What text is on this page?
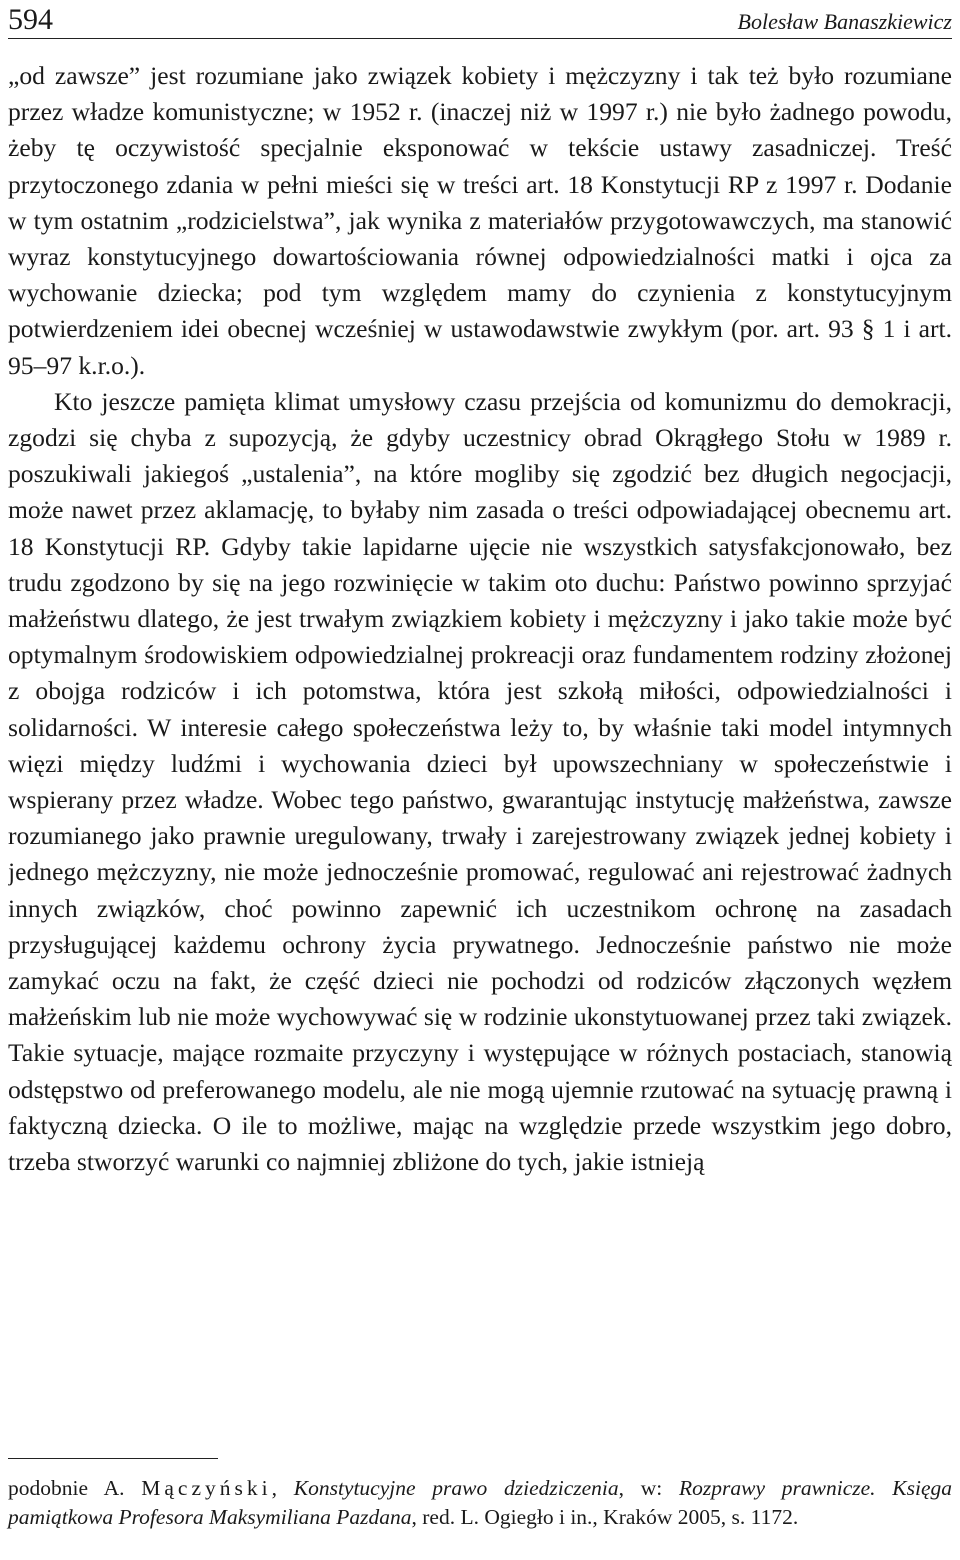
594	Bolesław Banaszkiewicz

„od zawsze” jest rozumiane jako związek kobiety i mężczyzny i tak też było rozumiane przez władze komunistyczne; w 1952 r. (inaczej niż w 1997 r.) nie było żadnego powodu, żeby tę oczywistość specjalnie eksponować w tekście ustawy zasadniczej. Treść przytoczonego zdania w pełni mieści się w treści art. 18 Konstytucji RP z 1997 r. Dodanie w tym ostatnim „rodzicielstwa”, jak wynika z materiałów przygotowawczych, ma stanowić wyraz konstytucyjnego dowartościowania równej odpowiedzialności matki i ojca za wychowanie dziecka; pod tym względem mamy do czynienia z konstytucyjnym potwierdzeniem idei obecnej wcześniej w ustawodawstwie zwykłym (por. art. 93 § 1 i art. 95–97 k.r.o.).

Kto jeszcze pamięta klimat umysłowy czasu przejścia od komunizmu do demokracji, zgodzi się chyba z supozycją, że gdyby uczestnicy obrad Okrągłego Stołu w 1989 r. poszukiwali jakiegoś „ustalenia”, na które mogliby się zgodzić bez długich negocjacji, może nawet przez aklamację, to byłaby nim zasada o treści odpowiadającej obecnemu art. 18 Konstytucji RP. Gdyby takie lapidarne ujęcie nie wszystkich satysfakcjonowało, bez trudu zgodzono by się na jego rozwinięcie w takim oto duchu: Państwo powinno sprzyjać małżeństwu dlatego, że jest trwałym związkiem kobiety i mężczyzny i jako takie może być optymalnym środowiskiem odpowiedzialnej prokreacji oraz fundamentem rodziny złożonej z obojga rodziców i ich potomstwa, która jest szkołą miłości, odpowiedzialności i solidarności. W interesie całego społeczeństwa leży to, by właśnie taki model intymnych więzi między ludźmi i wychowania dzieci był upowszechniany w społeczeństwie i wspierany przez władze. Wobec tego państwo, gwarantując instytucję małżeństwa, zawsze rozumianego jako prawnie uregulowany, trwały i zarejestrowany związek jednej kobiety i jednego mężczyzny, nie może jednocześnie promować, regulować ani rejestrować żadnych innych związków, choć powinno zapewnić ich uczestnikom ochronę na zasadach przysługującej każdemu ochrony życia prywatnego. Jednocześnie państwo nie może zamykać oczu na fakt, że część dzieci nie pochodzi od rodziców złączonych węzłem małżeńskim lub nie może wychowywać się w rodzinie ukonstytuowanej przez taki związek. Takie sytuacje, mające rozmaite przyczyny i występujące w różnych postaciach, stanowią odstępstwo od preferowanego modelu, ale nie mogą ujemnie rzutować na sytuację prawną i faktyczną dziecka. O ile to możliwe, mając na względzie przede wszystkim jego dobro, trzeba stworzyć warunki co najmniej zbliżone do tych, jakie istnieją

podobnie A. Mączyński, Konstytucyjne prawo dziedziczenia, w: Rozprawy prawnicze. Księga pamiątkowa Profesora Maksymiliana Pazdana, red. L. Ogiegło i in., Kraków 2005, s. 1172.
